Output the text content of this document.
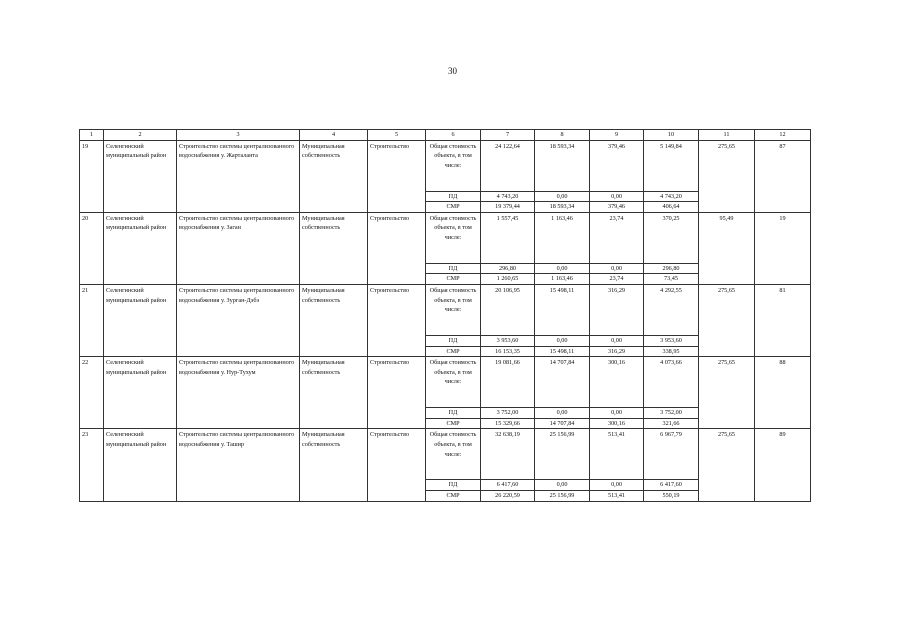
30
1	2	3	4	5	6	7	8	9	10	11	12
19	Селенгинский муниципальный район	Строительство системы централизованного водоснабжения у. Жарталанта	Муниципальная собственность	Строительство	Общая стоимость объекта, в том числе:	24 122,64	18 593,34	379,46	5 149,84	275,65	87
					ПД	4 743,20	0,00	0,00	4 743,20		
					СМР	19 379,44	18 593,34	379,46	406,64		
20	Селенгинский муниципальный район	Строительство системы централизованного водоснабжения у. Заган	Муниципальная собственность	Строительство	Общая стоимость объекта, в том числе:	1 557,45	1 163,46	23,74	370,25	95,49	19
					ПД	296,80	0,00	0,00	296,80		
					СМР	1 260,65	1 163,46	23,74	73,45		
21	Селенгинский муниципальный район	Строительство системы централизованного водоснабжения у. Зурган-Дэбэ	Муниципальная собственность	Строительство	Общая стоимость объекта, в том числе:	20 106,95	15 498,11	316,29	4 292,55	275,65	81
					ПД	3 953,60	0,00	0,00	3 953,60		
					СМР	16 153,35	15 498,11	316,29	338,95		
22	Селенгинский муниципальный район	Строительство системы централизованного водоснабжения у. Нур-Тухум	Муниципальная собственность	Строительство	Общая стоимость объекта, в том числе:	19 081,66	14 707,84	300,16	4 073,66	275,65	88
					ПД	3 752,00	0,00	0,00	3 752,00		
					СМР	15 329,66	14 707,84	300,16	321,66		
23	Селенгинский муниципальный район	Строительство системы централизованного водоснабжения у. Ташир	Муниципальная собственность	Строительство	Общая стоимость объекта, в том числе:	32 638,19	25 156,99	513,41	6 967,79	275,65	89
					ПД	6 417,60	0,00	0,00	6 417,60		
					СМР	26 220,59	25 156,99	513,41	550,19		
